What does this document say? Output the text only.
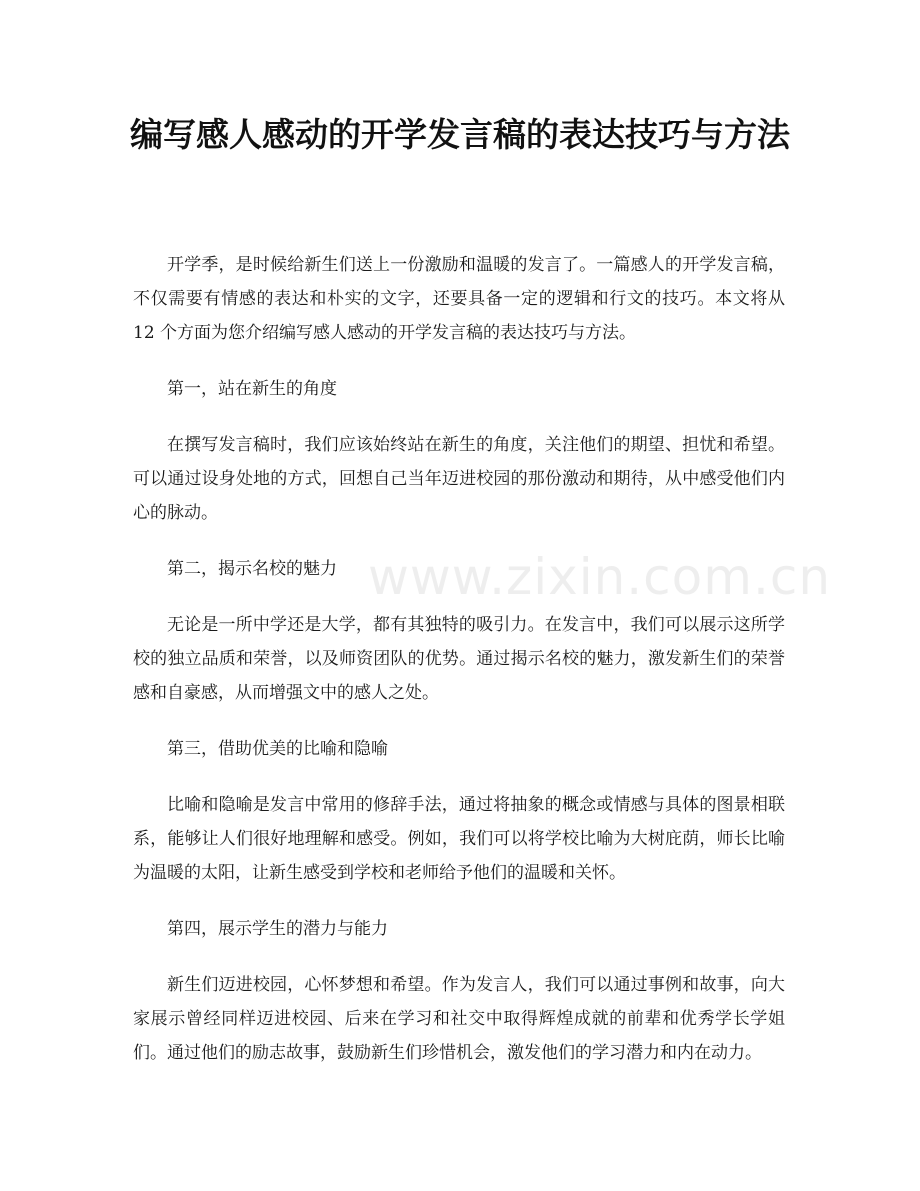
编写感人感动的开学发言稿的表达技巧与方法

开学季，是时候给新生们送上一份激励和温暖的发言了。一篇感人的开学发言稿，不仅需要有情感的表达和朴实的文字，还要具备一定的逻辑和行文的技巧。本文将从 12 个方面为您介绍编写感人感动的开学发言稿的表达技巧与方法。

第一，站在新生的角度

在撰写发言稿时，我们应该始终站在新生的角度，关注他们的期望、担忧和希望。可以通过设身处地的方式，回想自己当年迈进校园的那份激动和期待，从中感受他们内心的脉动。

第二，揭示名校的魅力

无论是一所中学还是大学，都有其独特的吸引力。在发言中，我们可以展示这所学校的独立品质和荣誉，以及师资团队的优势。通过揭示名校的魅力，激发新生们的荣誉感和自豪感，从而增强文中的感人之处。

第三，借助优美的比喻和隐喻

比喻和隐喻是发言中常用的修辞手法，通过将抽象的概念或情感与具体的图景相联系，能够让人们很好地理解和感受。例如，我们可以将学校比喻为大树庇荫，师长比喻为温暖的太阳，让新生感受到学校和老师给予他们的温暖和关怀。

第四，展示学生的潜力与能力

新生们迈进校园，心怀梦想和希望。作为发言人，我们可以通过事例和故事，向大家展示曾经同样迈进校园、后来在学习和社交中取得辉煌成就的前辈和优秀学长学姐们。通过他们的励志故事，鼓励新生们珍惜机会，激发他们的学习潜力和内在动力。

www.zixin.com.cn
